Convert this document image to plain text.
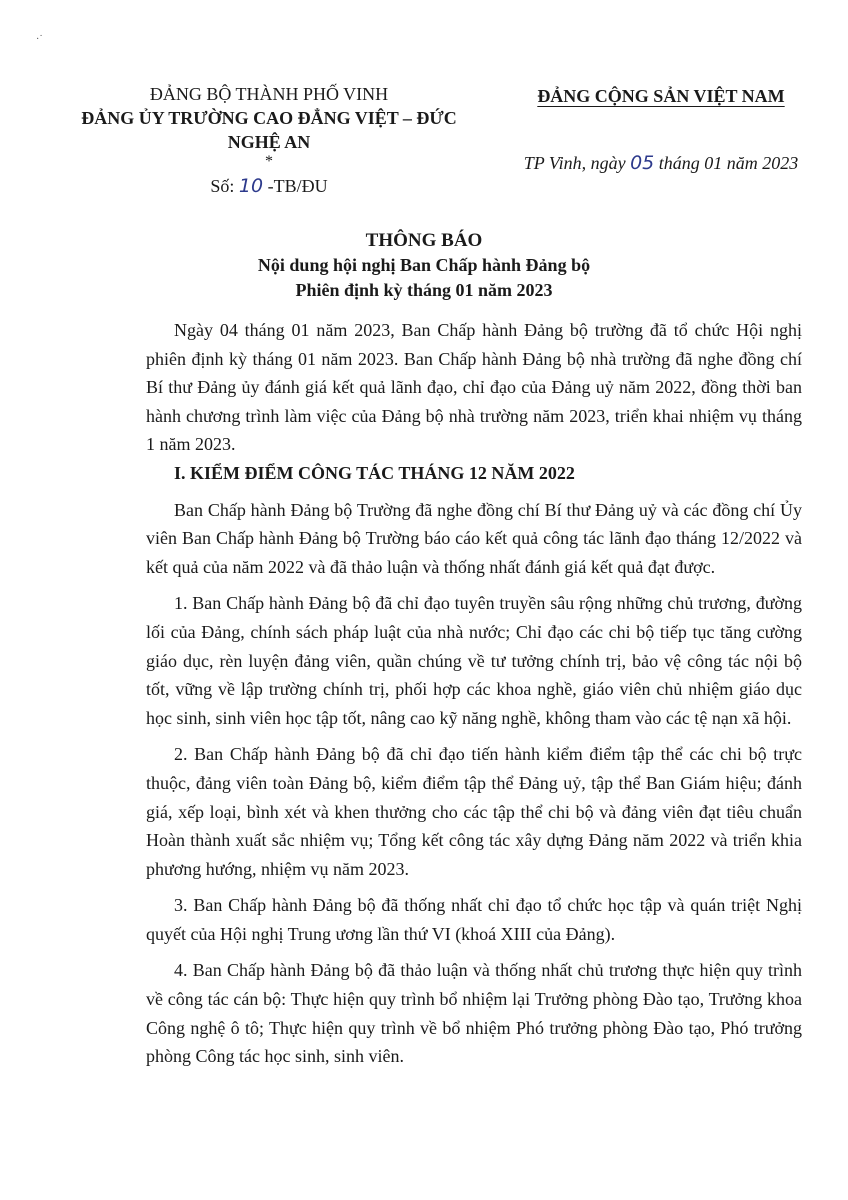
·˙
ĐẢNG BỘ THÀNH PHỐ VINH
ĐẢNG ỦY TRƯỜNG CAO ĐẲNG VIỆT – ĐỨC
NGHỆ AN
*
Số: 10 -TB/ĐU
ĐẢNG CỘNG SẢN VIỆT NAM
TP Vinh, ngày 05 tháng 01 năm 2023
THÔNG BÁO
Nội dung hội nghị Ban Chấp hành Đảng bộ
Phiên định kỳ tháng 01 năm 2023

Ngày 04 tháng 01 năm 2023, Ban Chấp hành Đảng bộ trường đã tổ chức Hội nghị phiên định kỳ tháng 01 năm 2023. Ban Chấp hành Đảng bộ nhà trường đã nghe đồng chí Bí thư Đảng ủy đánh giá kết quả lãnh đạo, chỉ đạo của Đảng uỷ năm 2022, đồng thời ban hành chương trình làm việc của Đảng bộ nhà trường năm 2023, triển khai nhiệm vụ tháng 1 năm 2023.

I. KIỂM ĐIỂM CÔNG TÁC THÁNG 12 NĂM 2022

Ban Chấp hành Đảng bộ Trường đã nghe đồng chí Bí thư Đảng uỷ và các đồng chí Ủy viên Ban Chấp hành Đảng bộ Trường báo cáo kết quả công tác lãnh đạo tháng 12/2022 và kết quả của năm 2022 và đã thảo luận và thống nhất đánh giá kết quả đạt được.

1. Ban Chấp hành Đảng bộ đã chỉ đạo tuyên truyền sâu rộng những chủ trương, đường lối của Đảng, chính sách pháp luật của nhà nước; Chỉ đạo các chi bộ tiếp tục tăng cường giáo dục, rèn luyện đảng viên, quần chúng về tư tưởng chính trị, bảo vệ công tác nội bộ tốt, vững về lập trường chính trị, phối hợp các khoa nghề, giáo viên chủ nhiệm giáo dục học sinh, sinh viên học tập tốt, nâng cao kỹ năng nghề, không tham vào các tệ nạn xã hội.

2. Ban Chấp hành Đảng bộ đã chỉ đạo tiến hành kiểm điểm tập thể các chi bộ trực thuộc, đảng viên toàn Đảng bộ, kiểm điểm tập thể Đảng uỷ, tập thể Ban Giám hiệu; đánh giá, xếp loại, bình xét và khen thưởng cho các tập thể chi bộ và đảng viên đạt tiêu chuẩn Hoàn thành xuất sắc nhiệm vụ; Tổng kết công tác xây dựng Đảng năm 2022 và triển khia phương hướng, nhiệm vụ năm 2023.

3. Ban Chấp hành Đảng bộ đã thống nhất chỉ đạo tổ chức học tập và quán triệt Nghị quyết của Hội nghị Trung ương lần thứ VI (khoá XIII của Đảng).

4. Ban Chấp hành Đảng bộ đã thảo luận và thống nhất chủ trương thực hiện quy trình về công tác cán bộ: Thực hiện quy trình bổ nhiệm lại Trưởng phòng Đào tạo, Trưởng khoa Công nghệ ô tô; Thực hiện quy trình về bổ nhiệm Phó trưởng phòng Đào tạo, Phó trưởng phòng Công tác học sinh, sinh viên.
